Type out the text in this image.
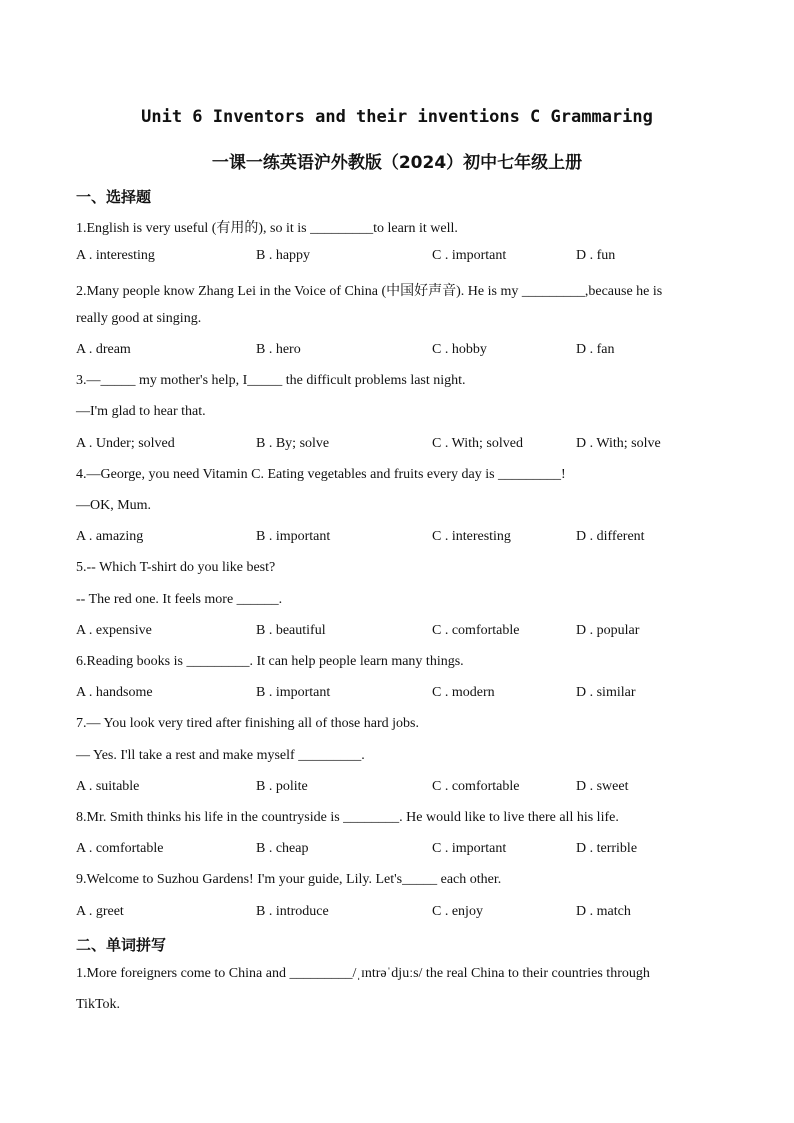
Unit 6 Inventors and their inventions C Grammaring
一课一练英语沪外教版（2024）初中七年级上册
一、选择题
1.English is very useful (有用的), so it is _________to learn it well.
A . interesting	B . happy	C . important	D . fun
2.Many people know Zhang Lei in the Voice of China (中国好声音). He is my _________,because he is
really good at singing.
A . dream	B . hero	C . hobby	D . fan
3.—_____ my mother's help, I_____ the difficult problems last night.
—I'm glad to hear that.
A . Under; solved	B . By; solve	C . With; solved	D . With; solve
4.—George, you need Vitamin C. Eating vegetables and fruits every day is _________!
—OK, Mum.
A . amazing	B . important	C . interesting	D . different
5.-- Which T-shirt do you like best?
-- The red one. It feels more ______.
A . expensive	B . beautiful	C . comfortable	D . popular
6.Reading books is _________. It can help people learn many things.
A . handsome	B . important	C . modern	D . similar
7.— You look very tired after finishing all of those hard jobs.
— Yes. I'll take a rest and make myself _________.
A . suitable	B . polite	C . comfortable	D . sweet
8.Mr. Smith thinks his life in the countryside is ________. He would like to live there all his life.
A . comfortable	B . cheap	C . important	D . terrible
9.Welcome to Suzhou Gardens! I'm your guide, Lily. Let's_____ each other.
A . greet	B . introduce	C . enjoy	D . match
二、单词拼写
1.More foreigners come to China and _________/ˌɪntrəˈdjuːs/ the real China to their countries through
TikTok.
